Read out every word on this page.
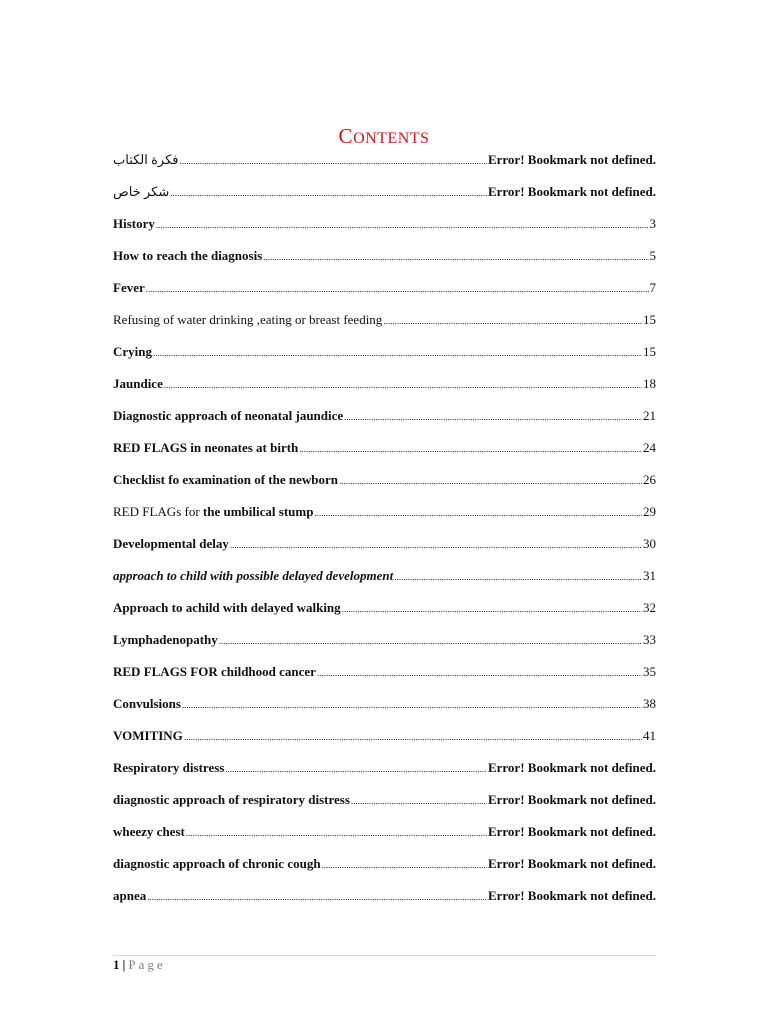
CONTENTS
فكرة الكتاب .....	Error! Bookmark not defined.
شكر خاص .....	Error! Bookmark not defined.
History .....	3
How to reach the diagnosis .....	5
Fever .....	7
Refusing of water drinking ,eating or breast feeding .....	15
Crying .....	15
Jaundice .....	18
Diagnostic approach of neonatal jaundice .....	21
RED FLAGS in neonates at birth .....	24
Checklist fo examination of the newborn .....	26
RED FLAGs for the umbilical stump .....	29
Developmental delay .....	30
approach to child with possible delayed development .....	31
Approach to achild with delayed walking .....	32
Lymphadenopathy .....	33
RED FLAGS FOR childhood cancer .....	35
Convulsions .....	38
VOMITING .....	41
Respiratory distress .....	Error! Bookmark not defined.
diagnostic approach of respiratory distress .....	Error! Bookmark not defined.
wheezy chest .....	Error! Bookmark not defined.
diagnostic approach of chronic cough .....	Error! Bookmark not defined.
apnea .....	Error! Bookmark not defined.
1 | Page
